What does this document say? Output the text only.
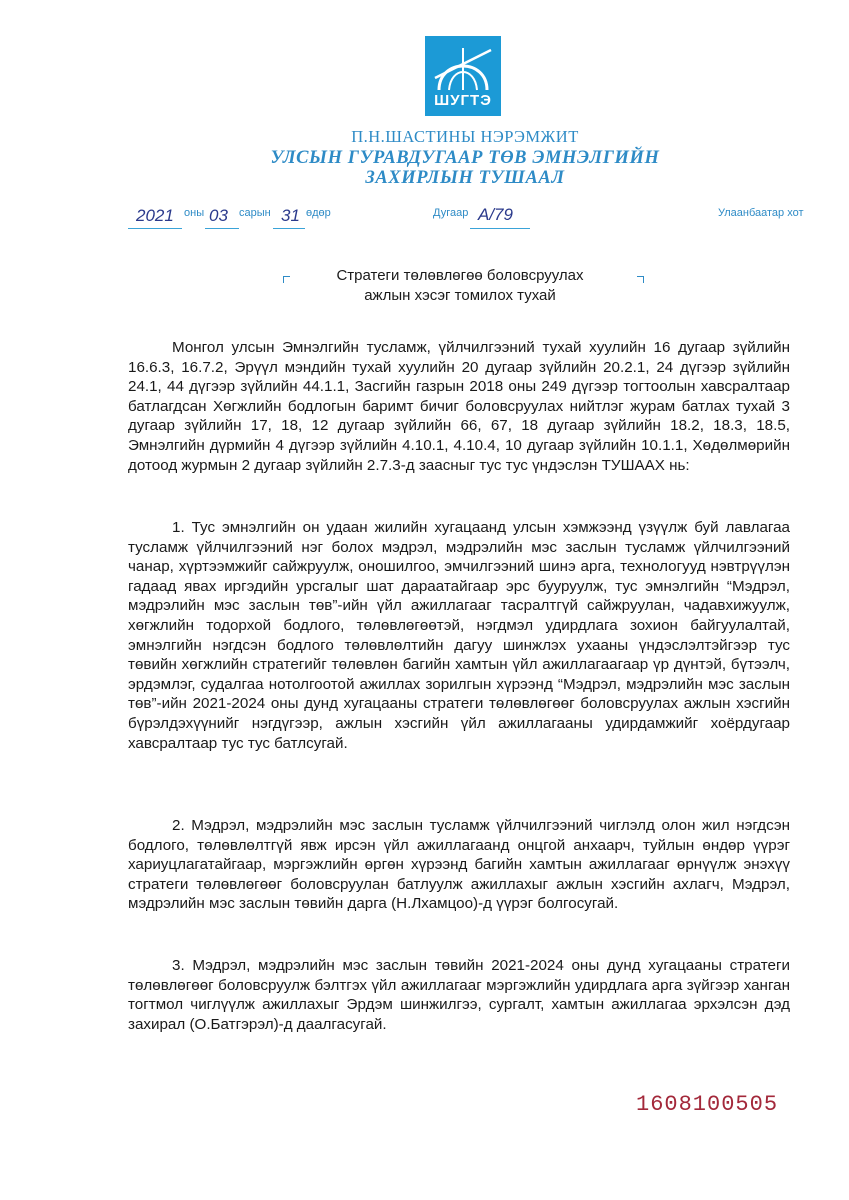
ШУГТЭ
П.Н.ШАСТИНЫ НЭРЭМЖИТ
УЛСЫН ГУРАВДУГААР ТӨВ ЭМНЭЛГИЙН
ЗАХИРЛЫН ТУШААЛ
2021 оны 03 сарын 31 өдөр	Дугаар А/79	Улаанбаатар хот
Стратеги төлөвлөгөө боловсруулах
ажлын хэсэг томилох тухай

Монгол улсын Эмнэлгийн тусламж, үйлчилгээний тухай хуулийн 16 дугаар зүйлийн 16.6.3, 16.7.2, Эрүүл мэндийн тухай хуулийн 20 дугаар зүйлийн 20.2.1, 24 дүгээр зүйлийн 24.1, 44 дүгээр зүйлийн 44.1.1, Засгийн газрын 2018 оны 249 дүгээр тогтоолын хавсралтаар батлагдсан Хөгжлийн бодлогын баримт бичиг боловсруулах нийтлэг журам батлах тухай 3 дугаар зүйлийн 17, 18, 12 дугаар зүйлийн 66, 67, 18 дугаар зүйлийн 18.2, 18.3, 18.5, Эмнэлгийн дүрмийн 4 дүгээр зүйлийн 4.10.1, 4.10.4, 10 дугаар зүйлийн 10.1.1, Хөдөлмөрийн дотоод журмын 2 дугаар зүйлийн 2.7.3-д заасныг тус тус үндэслэн ТУШААХ нь:

1. Тус эмнэлгийн он удаан жилийн хугацаанд улсын хэмжээнд үзүүлж буй лавлагаа тусламж үйлчилгээний нэг болох мэдрэл, мэдрэлийн мэс заслын тусламж үйлчилгээний чанар, хүртээмжийг сайжруулж, оношилгоо, эмчилгээний шинэ арга, технологууд нэвтрүүлэн гадаад явах иргэдийн урсгалыг шат дараатайгаар эрс бууруулж, тус эмнэлгийн “Мэдрэл, мэдрэлийн мэс заслын төв”-ийн үйл ажиллагааг тасралтгүй сайжруулан, чадавхижуулж, хөгжлийн тодорхой бодлого, төлөвлөгөөтэй, нэгдмэл удирдлага зохион байгуулалтай, эмнэлгийн нэгдсэн бодлого төлөвлөлтийн дагуу шинжлэх ухааны үндэслэлтэйгээр тус төвийн хөгжлийн стратегийг төлөвлөн багийн хамтын үйл ажиллагаагаар үр дүнтэй, бүтээлч, эрдэмлэг, судалгаа нотолгоотой ажиллах зорилгын хүрээнд “Мэдрэл, мэдрэлийн мэс заслын төв”-ийн 2021-2024 оны дунд хугацааны стратеги төлөвлөгөөг боловсруулах ажлын хэсгийн бүрэлдэхүүнийг нэгдүгээр, ажлын хэсгийн үйл ажиллагааны удирдамжийг хоёрдугаар хавсралтаар тус тус батлсугай.

2. Мэдрэл, мэдрэлийн мэс заслын тусламж үйлчилгээний чиглэлд олон жил нэгдсэн бодлого, төлөвлөлтгүй явж ирсэн үйл ажиллагаанд онцгой анхаарч, туйлын өндөр үүрэг хариуцлагатайгаар, мэргэжлийн өргөн хүрээнд багийн хамтын ажиллагааг өрнүүлж энэхүү стратеги төлөвлөгөөг боловсруулан батлуулж ажиллахыг ажлын хэсгийн ахлагч, Мэдрэл, мэдрэлийн мэс заслын төвийн дарга (Н.Лхамцоо)-д үүрэг болгосугай.

3. Мэдрэл, мэдрэлийн мэс заслын төвийн 2021-2024 оны дунд хугацааны стратеги төлөвлөгөөг боловсруулж бэлтгэх үйл ажиллагааг мэргэжлийн удирдлага арга зүйгээр ханган тогтмол чиглүүлж ажиллахыг Эрдэм шинжилгээ, сургалт, хамтын ажиллагаа эрхэлсэн дэд захирал (О.Батгэрэл)-д даалгасугай.

1608100505
